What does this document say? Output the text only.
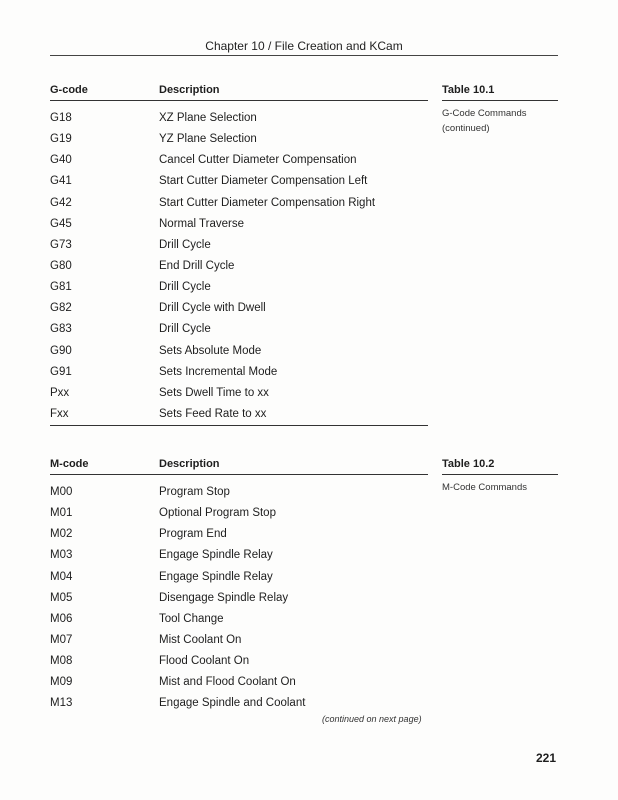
Chapter 10 / File Creation and KCam
G-code	Description
G18	XZ Plane Selection
G19	YZ Plane Selection
G40	Cancel Cutter Diameter Compensation
G41	Start Cutter Diameter Compensation Left
G42	Start Cutter Diameter Compensation Right
G45	Normal Traverse
G73	Drill Cycle
G80	End Drill Cycle
G81	Drill Cycle
G82	Drill Cycle with Dwell
G83	Drill Cycle
G90	Sets Absolute Mode
G91	Sets Incremental Mode
Pxx	Sets Dwell Time to xx
Fxx	Sets Feed Rate to xx
Table 10.1
G-Code Commands
(continued)
M-code	Description
M00	Program Stop
M01	Optional Program Stop
M02	Program End
M03	Engage Spindle Relay
M04	Engage Spindle Relay
M05	Disengage Spindle Relay
M06	Tool Change
M07	Mist Coolant On
M08	Flood Coolant On
M09	Mist and Flood Coolant On
M13	Engage Spindle and Coolant
Table 10.2
M-Code Commands
(continued on next page)
221
